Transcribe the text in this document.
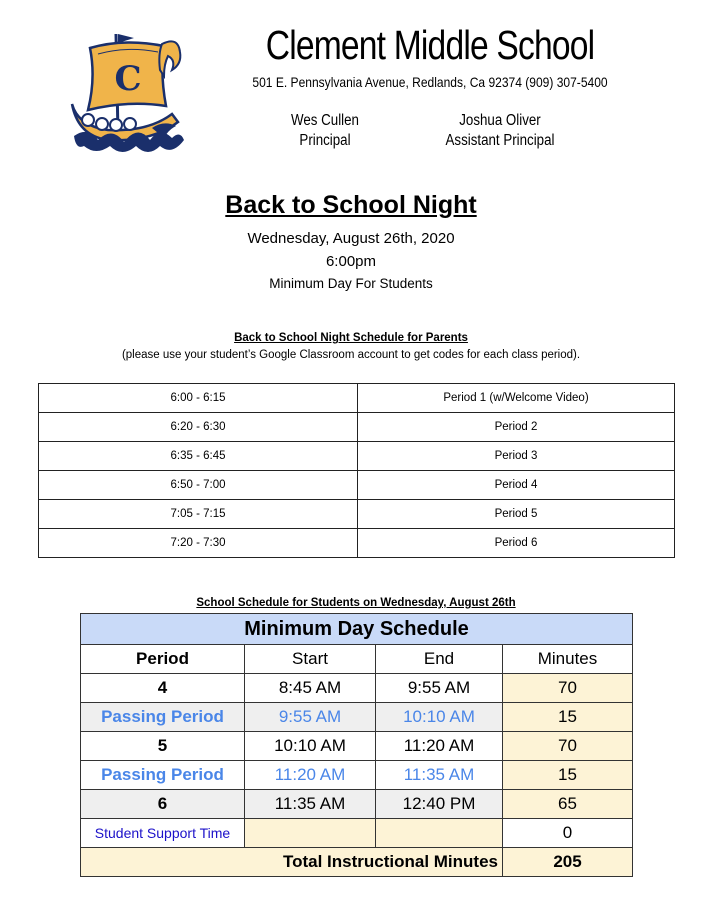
C
Clement Middle School
501 E. Pennsylvania Avenue, Redlands, Ca 92374 (909) 307-5400
Wes Cullen
Principal
Joshua Oliver
Assistant Principal
Back to School Night
Wednesday, August 26th, 2020
6:00pm
Minimum Day For Students
Back to School Night Schedule for Parents
(please use your student’s Google Classroom account to get codes for each class period).
6:00 - 6:15	Period 1 (w/Welcome Video)
6:20 - 6:30	Period 2
6:35 - 6:45	Period 3
6:50 - 7:00	Period 4
7:05 - 7:15	Period 5
7:20 - 7:30	Period 6
School Schedule for Students on Wednesday, August 26th
Minimum Day Schedule			
Period	Start	End	Minutes
4	8:45 AM	9:55 AM	70
Passing Period	9:55 AM	10:10 AM	15
5	10:10 AM	11:20 AM	70
Passing Period	11:20 AM	11:35 AM	15
6	11:35 AM	12:40 PM	65
Student Support Time			0
Total Instructional Minutes			205
